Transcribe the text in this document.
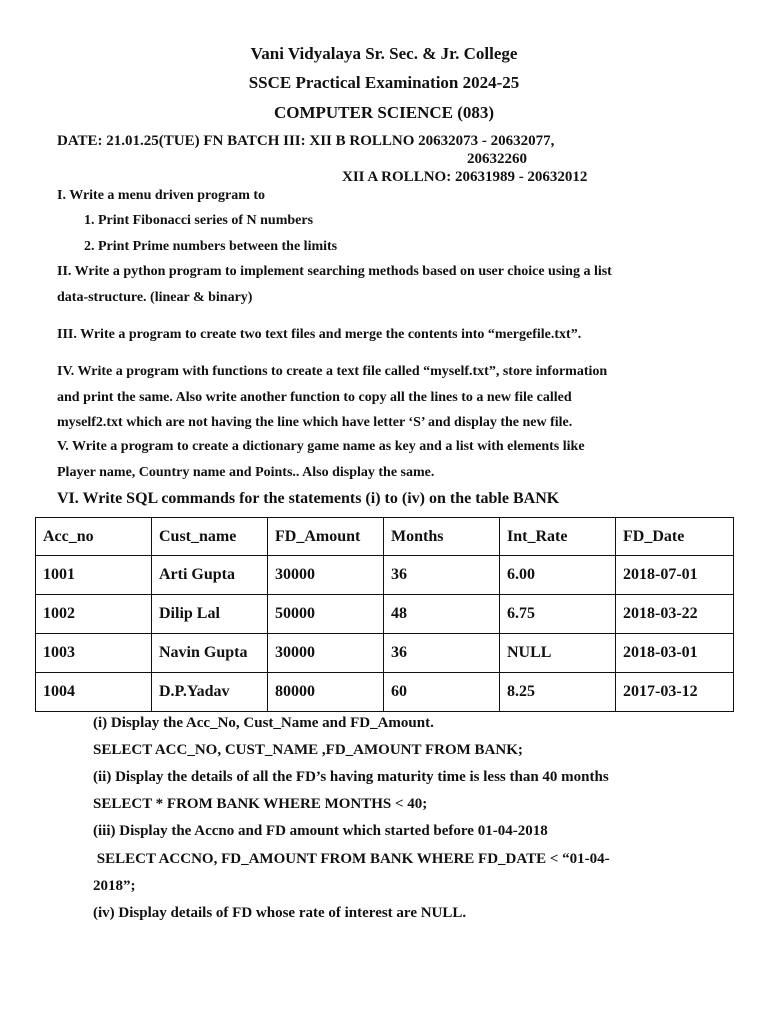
Vani Vidyalaya Sr. Sec. & Jr. College
SSCE Practical Examination 2024-25
COMPUTER SCIENCE (083)
DATE: 21.01.25(TUE) FN BATCH III: XII B ROLLNO 20632073 - 20632077,
20632260
XII A ROLLNO: 20631989 - 20632012
I. Write a menu driven program to
1. Print Fibonacci series of N numbers
2. Print Prime numbers between the limits
II. Write a python program to implement searching methods based on user choice using a list
data-structure. (linear & binary)
III. Write a program to create two text files and merge the contents into “mergefile.txt”.
IV. Write a program with functions to create a text file called “myself.txt”, store information
and print the same. Also write another function to copy all the lines to a new file called
myself2.txt which are not having the line which have letter ‘S’ and display the new file.
V. Write a program to create a dictionary game name as key and a list with elements like
Player name, Country name and Points.. Also display the same.
VI. Write SQL commands for the statements (i) to (iv) on the table BANK
Acc_no	Cust_name	FD_Amount	Months	Int_Rate	FD_Date
1001	Arti Gupta	30000	36	6.00	2018-07-01
1002	Dilip Lal	50000	48	6.75	2018-03-22
1003	Navin Gupta	30000	36	NULL	2018-03-01
1004	D.P.Yadav	80000	60	8.25	2017-03-12
(i) Display the Acc_No, Cust_Name and FD_Amount.
SELECT ACC_NO, CUST_NAME ,FD_AMOUNT FROM BANK;
(ii) Display the details of all the FD’s having maturity time is less than 40 months
SELECT * FROM BANK WHERE MONTHS < 40;
(iii) Display the Accno and FD amount which started before 01-04-2018
SELECT ACCNO, FD_AMOUNT FROM BANK WHERE FD_DATE < “01-04-
2018”;
(iv) Display details of FD whose rate of interest are NULL.
